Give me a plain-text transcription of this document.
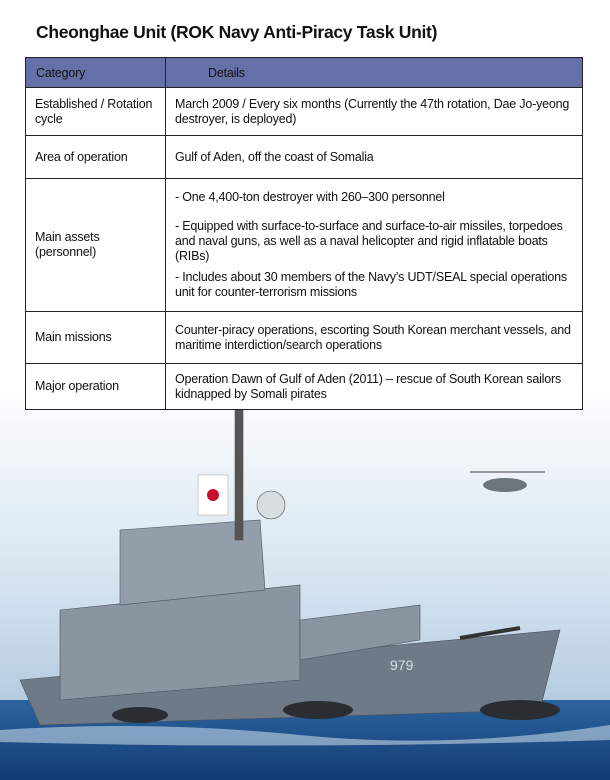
Cheonghae Unit (ROK Navy Anti-Piracy Task Unit)
Category	Details
Established / Rotation cycle	March 2009 / Every six months (Currently the 47th rotation, Dae Jo-yeong destroyer, is deployed)
Area of operation	Gulf of Aden, off the coast of Somalia
Main assets (personnel)	- One 4,400-ton destroyer with 260–300 personnel
- Equipped with surface-to-surface and surface-to-air missiles, torpedoes and naval guns, as well as a naval helicopter and rigid inflatable boats (RIBs)
- Includes about 30 members of the Navy’s UDT/SEAL special operations unit for counter-terrorism missions

Main missions	Counter-piracy operations, escorting South Korean merchant vessels, and maritime interdiction/search operations
Major operation	Operation Dawn of Gulf of Aden (2011) – rescue of South Korean sailors kidnapped by Somali pirates
979
